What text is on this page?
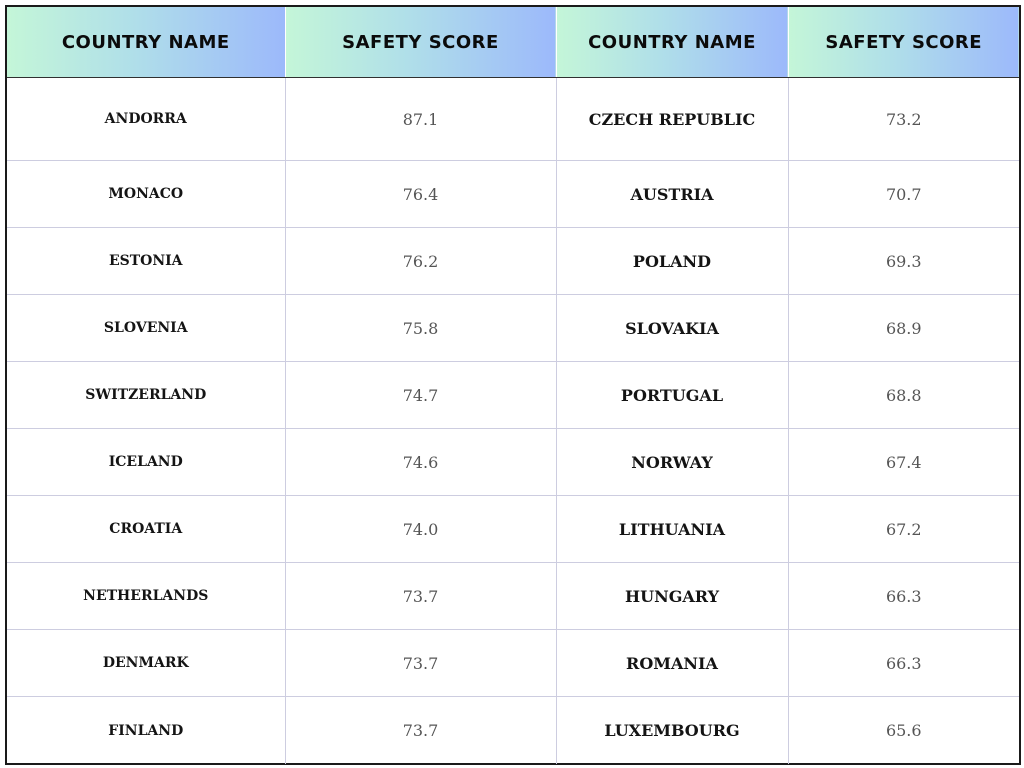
COUNTRY NAME	SAFETY SCORE	COUNTRY NAME	SAFETY SCORE
ANDORRA	87.1	CZECH REPUBLIC	73.2
MONACO	76.4	AUSTRIA	70.7
ESTONIA	76.2	POLAND	69.3
SLOVENIA	75.8	SLOVAKIA	68.9
SWITZERLAND	74.7	PORTUGAL	68.8
ICELAND	74.6	NORWAY	67.4
CROATIA	74.0	LITHUANIA	67.2
NETHERLANDS	73.7	HUNGARY	66.3
DENMARK	73.7	ROMANIA	66.3
FINLAND	73.7	LUXEMBOURG	65.6
